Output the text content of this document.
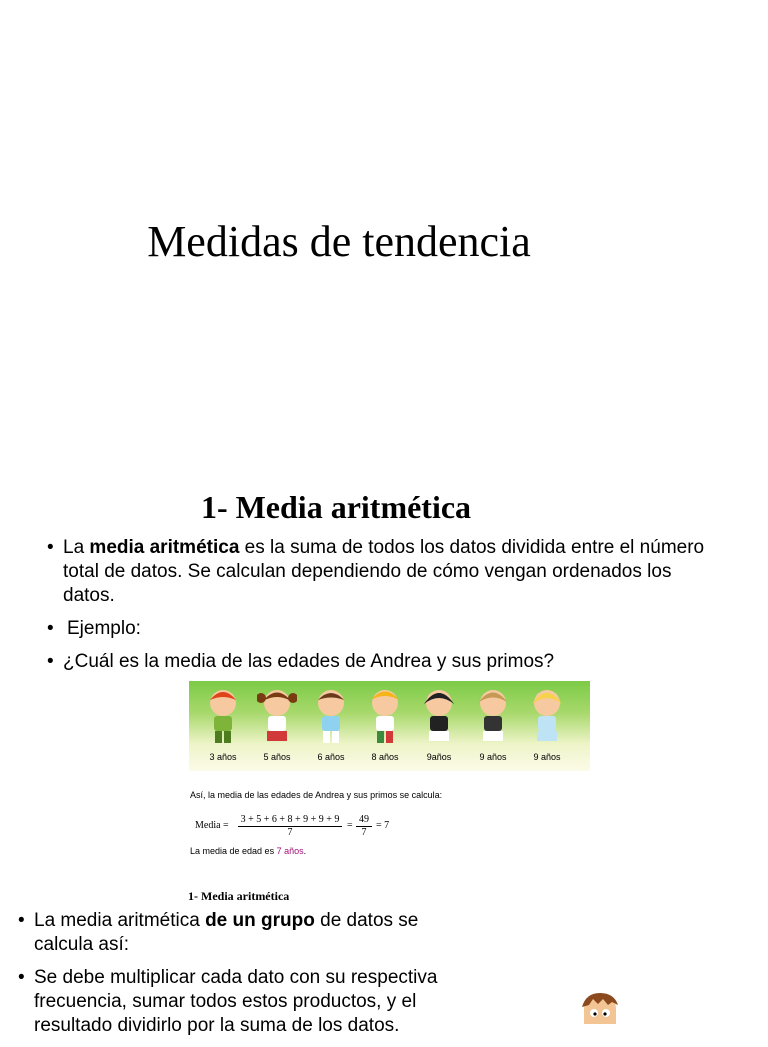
Medidas de tendencia
1- Media aritmética
• La media aritmética es la suma de todos los datos dividida entre el número total de datos. Se calculan dependiendo de cómo vengan ordenados los datos.
• Ejemplo:
• ¿Cuál es la media de las edades de Andrea y sus primos?
3 años	5 años	6 años	8 años	9años	9 años	9 años
Así, la media de las edades de Andrea y sus primos se calcula:
Media =
3 + 5 + 6 + 8 + 9 + 9 + 9
7
=
49
7
= 7
La media de edad es 7 años.
1- Media aritmética
• La media aritmética de un grupo de datos se calcula así:
• Se debe multiplicar cada dato con su respectiva frecuencia, sumar todos estos productos, y el resultado dividirlo por la suma de los datos.
